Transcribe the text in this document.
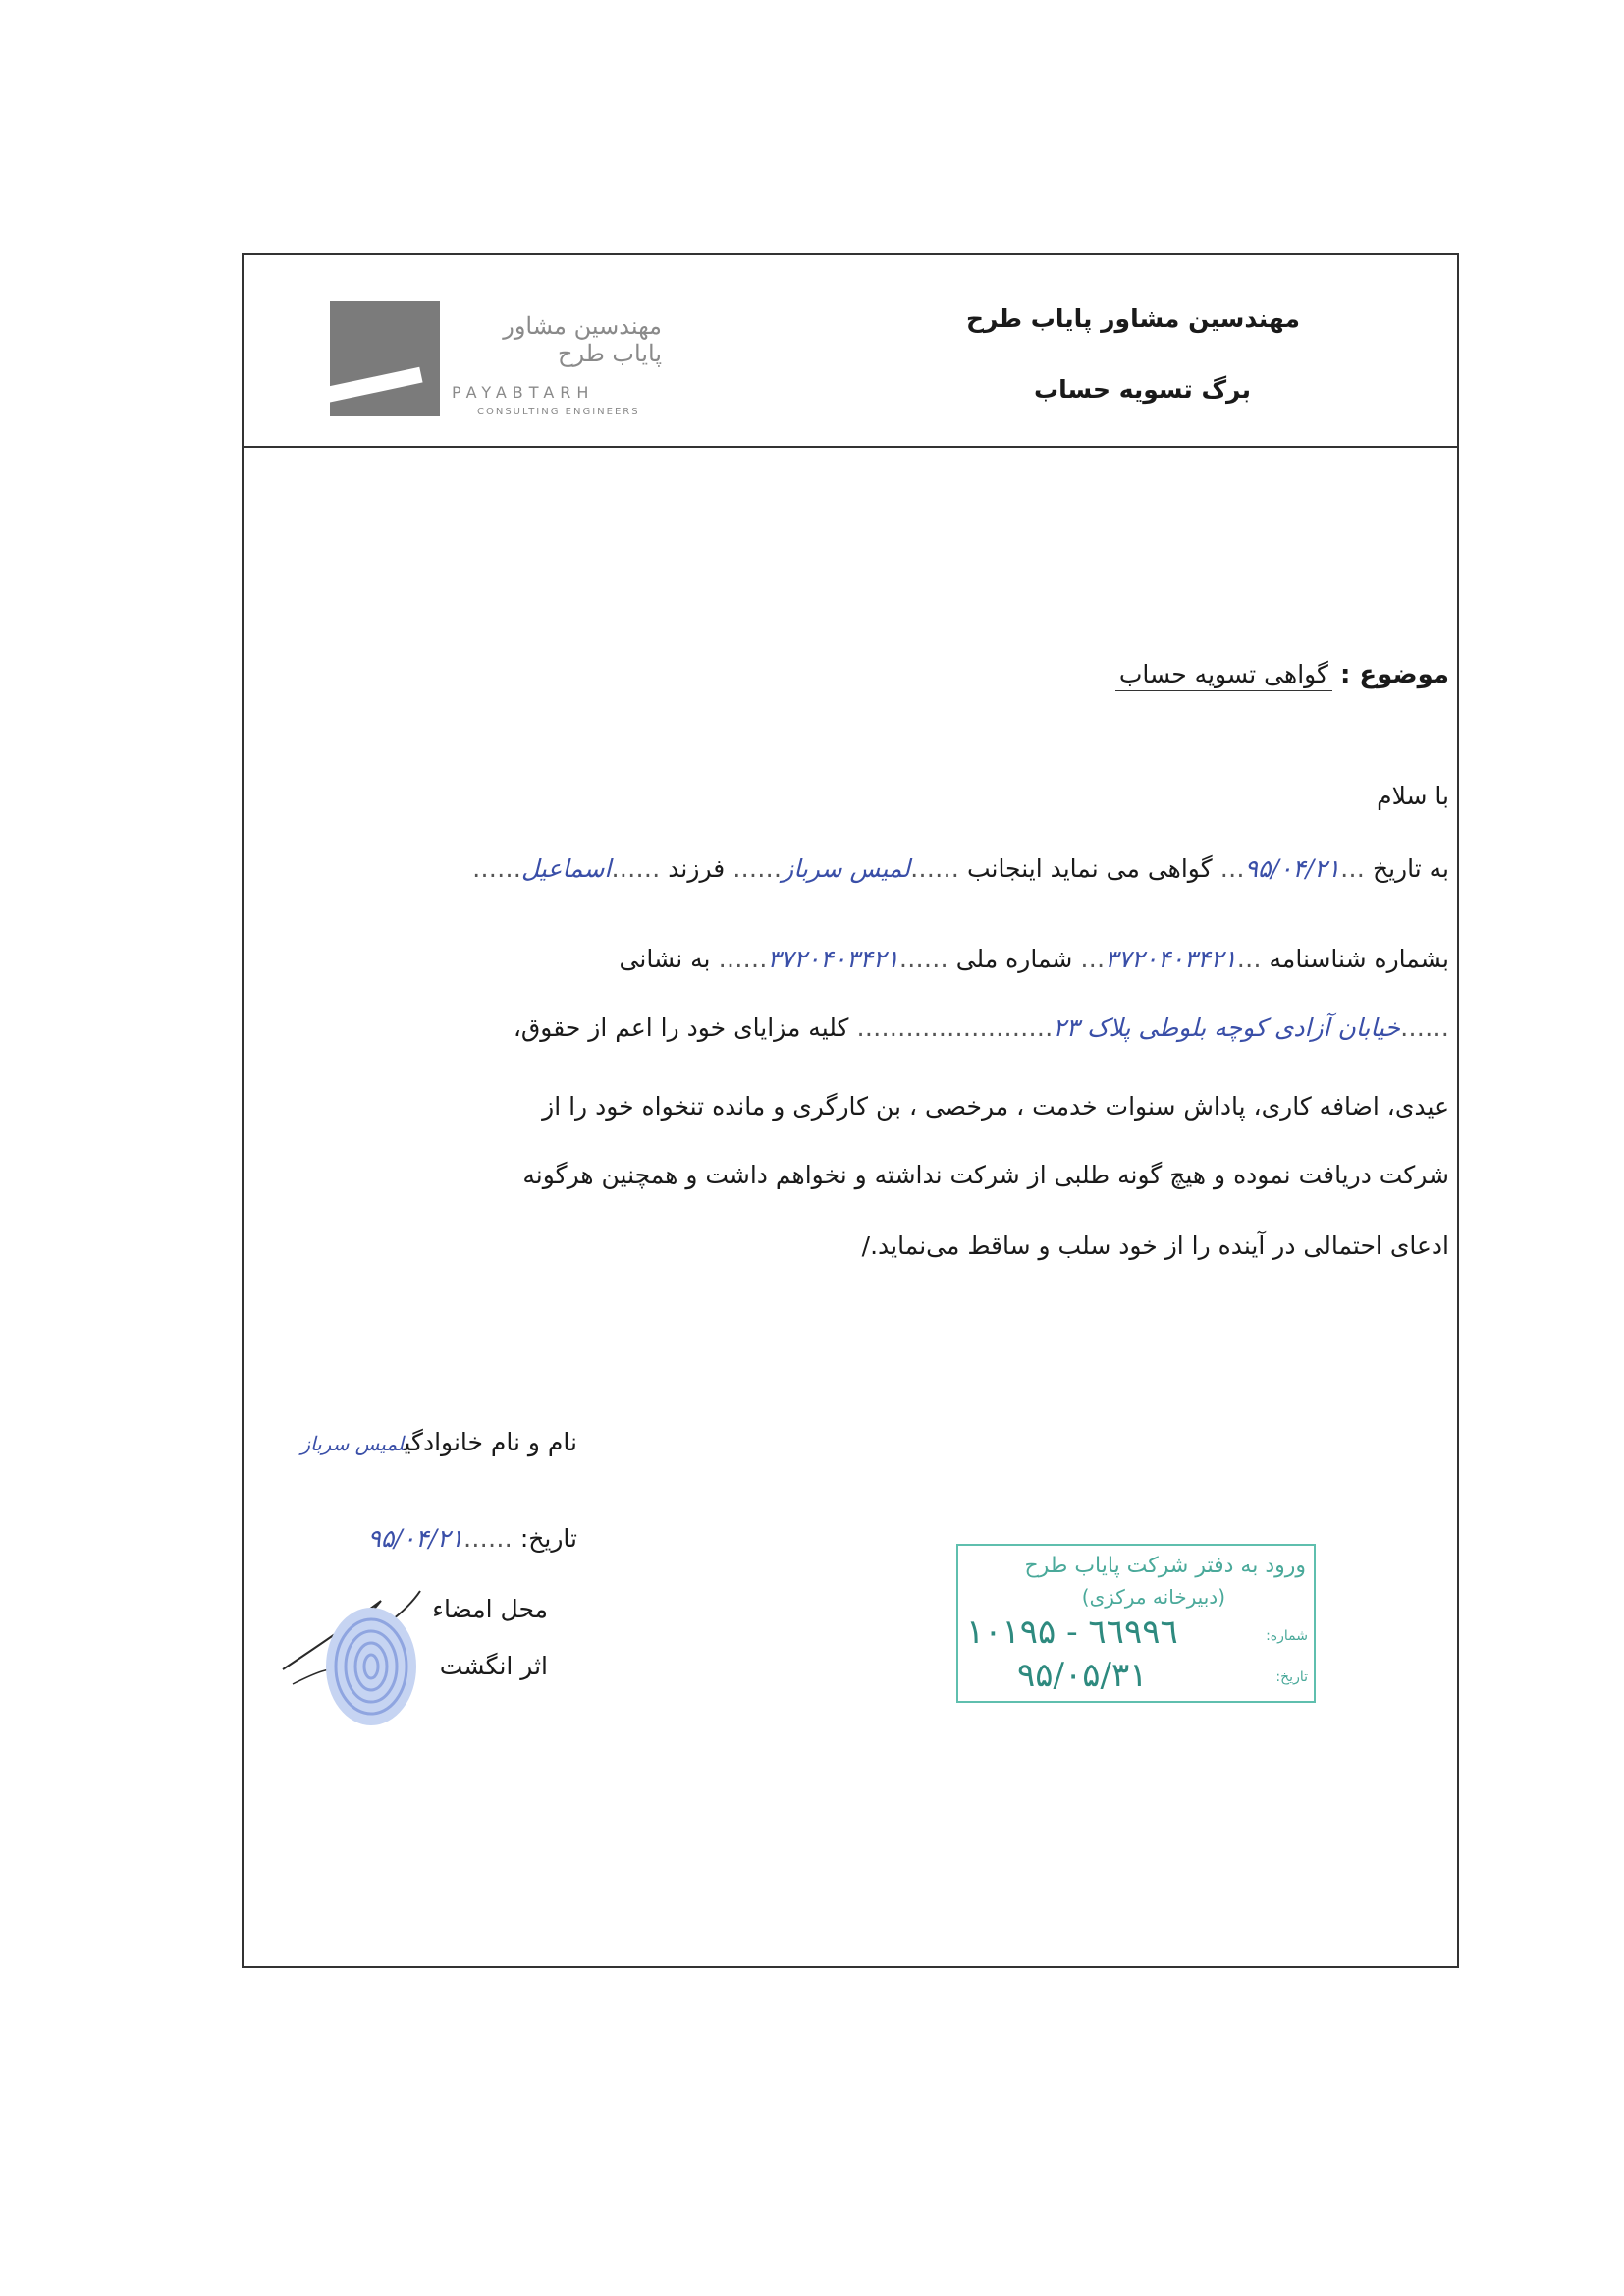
مهندسین مشاور پایاب طرح
PAYABTARH
CONSULTING ENGINEERS
مهندسین مشاور پایاب طرح
برگ تسویه حساب
موضوع :
گواهی تسویه حساب
با سلام
به تاریخ …۹۵/۰۴/۲۱… گواهی می نماید اینجانب ……لمیس سرباز…… فرزند ……اسماعیل……
بشماره شناسنامه …۳۷۲۰۴۰۳۴۲۱… شماره ملی ……۳۷۲۰۴۰۳۴۲۱…… به نشانی
……خیابان آزادی کوچه بلوطی پلاک ۲۳…………………… کلیه مزایای خود را اعم از حقوق،
عیدی، اضافه کاری، پاداش سنوات خدمت ، مرخصی ، بن کارگری و مانده تنخواه خود را از
شرکت دریافت نموده و هیچ گونه طلبی از شرکت نداشته و نخواهم داشت و همچنین هرگونه
ادعای احتمالی در آینده را از خود سلب و ساقط می‌نماید./
نام و نام خانوادگیلمیس سرباز
تاریخ: ……۹۵/۰۴/۲۱
محل امضاء
اثر انگشت
ورود به دفتر شرکت پایاب طرح
(دبیرخانه مرکزی)
شماره:
۱۰۱۹۵ - ٦٦٩٩٦
تاریخ:
۹۵/۰۵/۳۱
